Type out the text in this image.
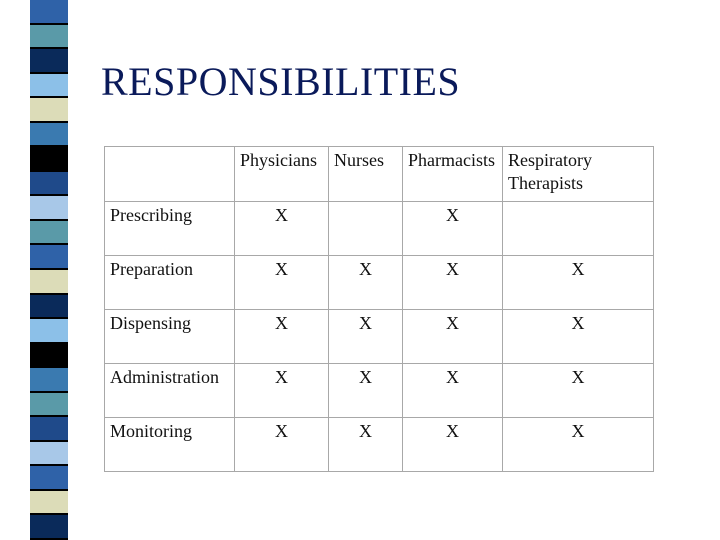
RESPONSIBILITIES
	Physicians	Nurses	Pharmacists	Respiratory Therapists
Prescribing	X		X	
Preparation	X	X	X	X
Dispensing	X	X	X	X
Administration	X	X	X	X
Monitoring	X	X	X	X
